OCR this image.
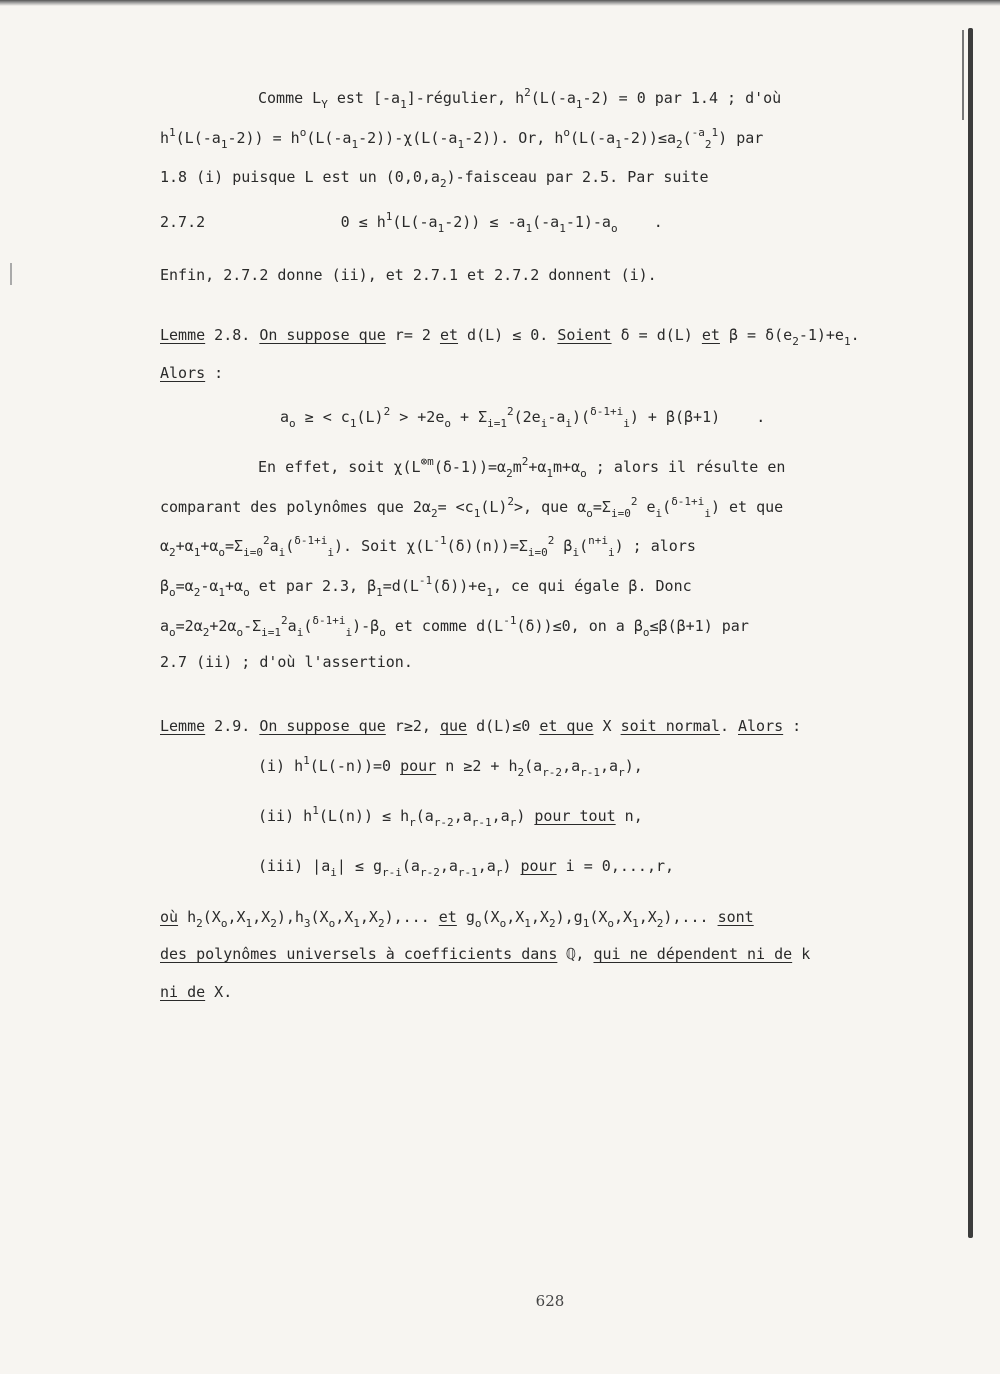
Comme $L_Y$ est $[-a_1]$-régulier, $h^2(L(-a_1-2) = 0$ par 1.4 ; d'où
$h^1(L(-a_1-2)) = h^o(L(-a_1-2))-\chi(L(-a_1-2))$. Or, $h^o(L(-a_1-2))\le a_2(^{-a}_2^1)$ par
1.8 (i) puisque L est un $(0,0,a_2)$-faisceau par 2.5. Par suite
2.7.2               $0 \le h^1(L(-a_1-2)) \le -a_1(-a_1-1)-a_o$    .
Enfin, 2.7.2 donne (ii), et 2.7.1 et 2.7.2 donnent (i).
Lemme 2.8. On suppose que r= 2 et d(L) ≤ 0. Soient δ = d(L) et $\beta = \delta(e_2-1)+e_1$.
Alors :
$a_o$ ≥ < $c_1(L)^2 > +2e_o + \Sigma_{i=1}^2(2e_i-a_i)(^{\delta-1+i}_i) + \beta(\beta+1)$    .
En effet, soit $\chi(L^{\otimes m}(\delta-1))=\alpha_2m^2+\alpha_1m+\alpha_o$ ; alors il résulte en
comparant des polynômes que $2\alpha_2= <c_1(L)^2>$, que $\alpha_o=\Sigma_{i=0}^2$ $e_i(^{\delta-1+i}_i)$ et que
$\alpha_2+\alpha_1+\alpha_o=\Sigma_{i=0}^2a_i(^{\delta-1+i}_i)$. Soit $\chi(L^{-1}(\delta)(n))=\Sigma_{i=0}^2$ $\beta_i(^{n+i}_i)$ ; alors
$\beta_o=\alpha_2-\alpha_1+\alpha_o$ et par 2.3, $\beta_1=d(L^{-1}(\delta))+e_1$, ce qui égale β. Donc
$a_o=2\alpha_2+2\alpha_o-\Sigma_{i=1}^2a_i(^{\delta-1+i}_i)-\beta_o$ et comme $d(L^{-1}(\delta))\le 0$, on a $\beta_o\le\beta(\beta+1)$ par
2.7 (ii) ; d'où l'assertion.
Lemme 2.9. On suppose que r≥2, que d(L)≤0 et que X soit normal. Alors :
(i) $h^1(L(-n))=0$ pour $n \ge 2 + h_2(a_{r-2},a_{r-1},a_r)$,
(ii) $h^1(L(n)) \le h_r(a_{r-2},a_{r-1},a_r)$ pour tout n,
(iii) $|a_i| \le g_{r-i}(a_{r-2},a_{r-1},a_r)$ pour i = 0,...,r,
où $h_2(X_o,X_1,X_2),h_3(X_o,X_1,X_2)$,... et $g_o(X_o,X_1,X_2),g_1(X_o,X_1,X_2)$,... sont
des polynômes universels à coefficients dans ℚ, qui ne dépendent ni de k
ni de X.
628
